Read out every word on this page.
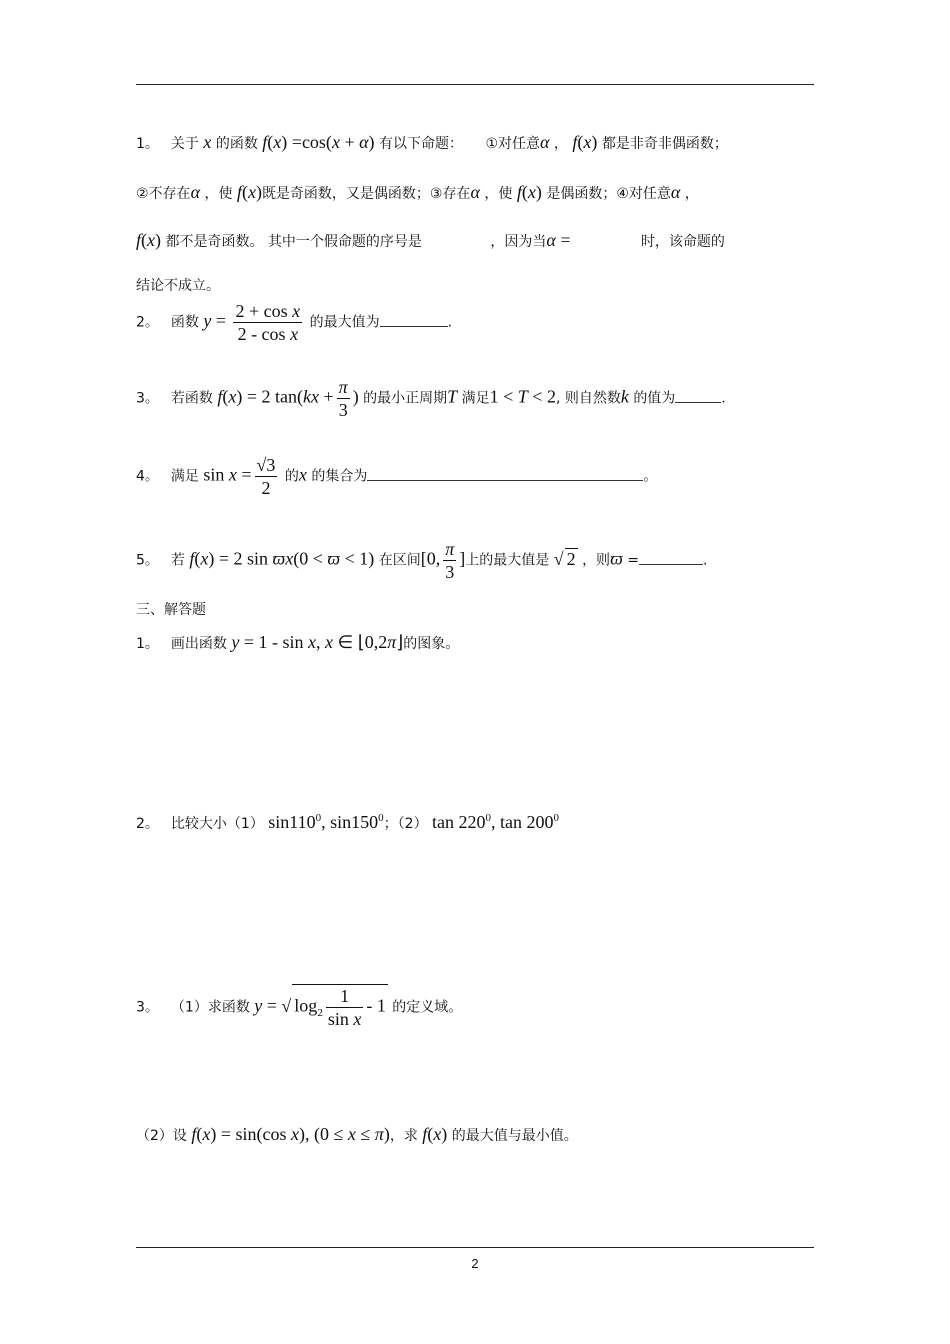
1。 关于 x 的函数 f(x) =cos(x + α) 有以下命题： ①对任意α ， f(x) 都是非奇非偶函数；
②不存在α ，使 f(x)既是奇函数，又是偶函数；③存在α ，使 f(x) 是偶函数；④对任意α ，
f(x) 都不是奇函数。 其中一个假命题的序号是	，因为当α =	时，该命题的
结论不成立。
2。 函数 $y = \frac{\text{2 + cos x}}{\text{2 - cos x}}$ 的最大值为	.
3。 若函数 f(x) = 2 $\tan(kx + \frac{\pi}{3}$ ) 的最小正周期T 满足1 < T < 2, 则自然数k 的值为	.
4。 满足 $\sin x = \frac{√3}{2}$ 的x 的集合为	。
5。 若 f(x) = 2 sin ϖx(0 < ϖ < 1) 在区间[0, $\frac{\pi}{3}$ ]上的最大值是 √ 2 ，则ϖ =	.
三、解答题
1。 画出函数 y = 1 - sin x, x ∈ ⌊0,2π⌋的图象。
2。 比较大小（1） $\sin 110^0$, $\sin 150^0$；（2） $\tan 220^0$, $\tan 200^0$
3。 （1）求函数 y = √ $\log_2 \frac{1}{\text{sin x}} - 1$ 的定义域。
（2）设 f(x) = sin(cos x), (0 ≤ x ≤ π)，求 f(x) 的最大值与最小值。
2
